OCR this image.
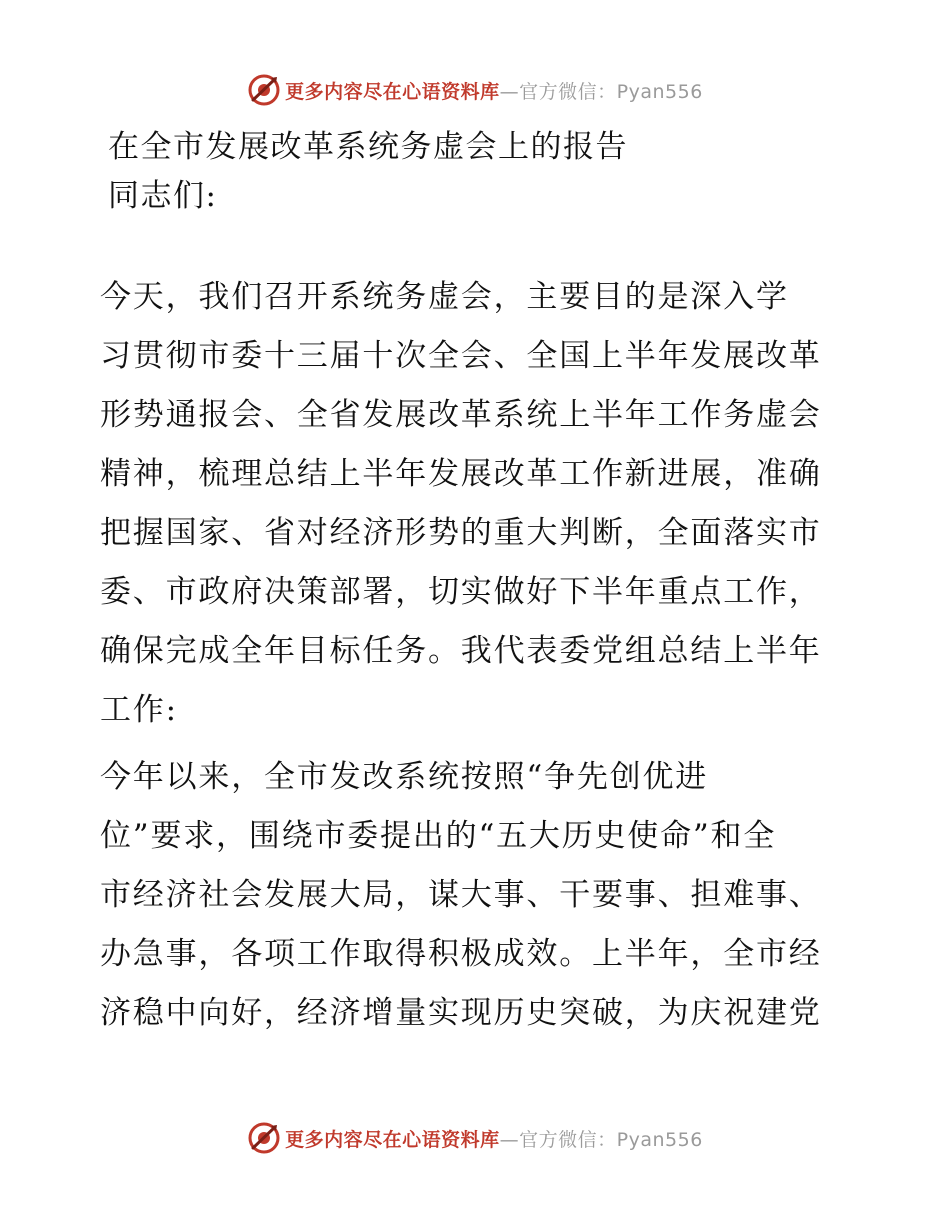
更多内容尽在心语资料库—官方微信：Pyan556
在全市发展改革系统务虚会上的报告
同志们:
今天，我们召开系统务虚会，主要目的是深入学
习贯彻市委十三届十次全会、全国上半年发展改革
形势通报会、全省发展改革系统上半年工作务虚会
精神，梳理总结上半年发展改革工作新进展，准确
把握国家、省对经济形势的重大判断，全面落实市
委、市政府决策部署，切实做好下半年重点工作，
确保完成全年目标任务。我代表委党组总结上半年
工作:
今年以来，全市发改系统按照“争先创优进
位”要求，围绕市委提出的“五大历史使命”和全
市经济社会发展大局，谋大事、干要事、担难事、
办急事，各项工作取得积极成效。上半年，全市经
济稳中向好，经济增量实现历史突破，为庆祝建党
更多内容尽在心语资料库—官方微信：Pyan556
